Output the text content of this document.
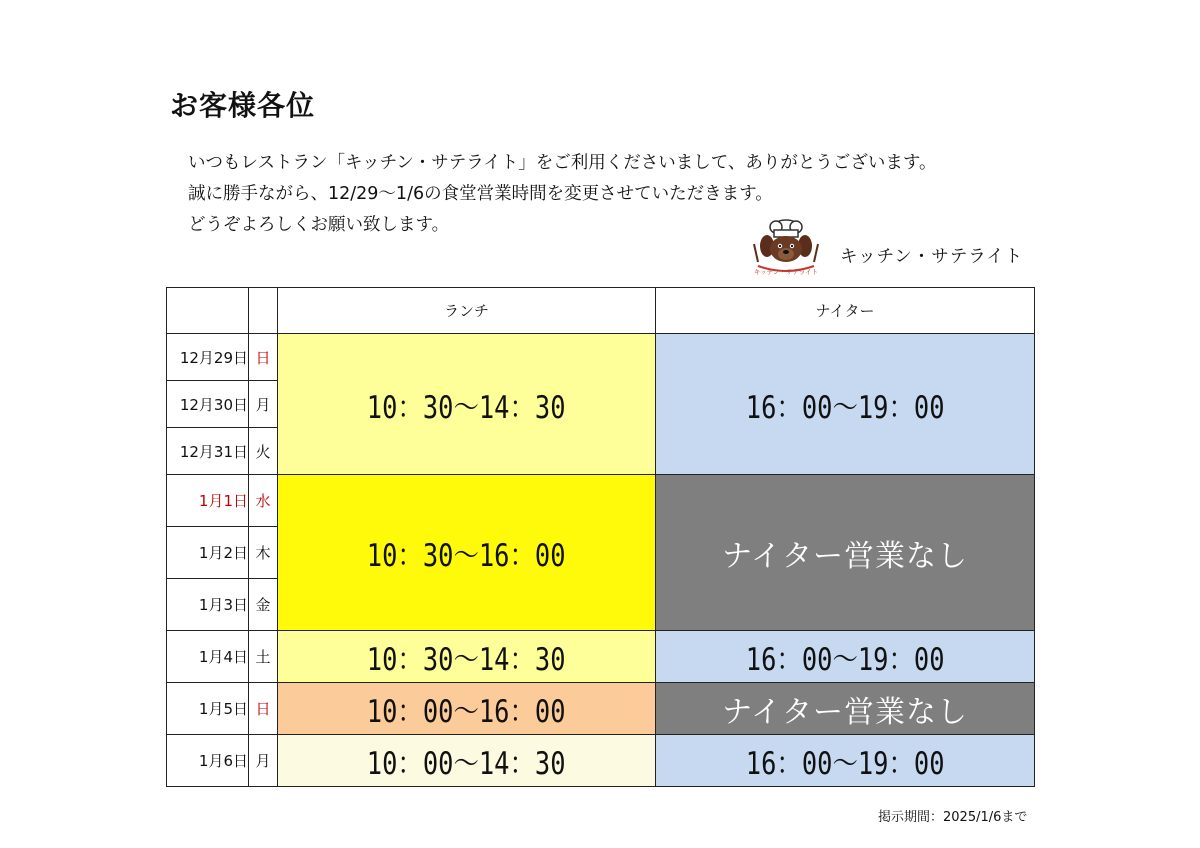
お客様各位
いつもレストラン「キッチン・サテライト」をご利用くださいまして、ありがとうございます。
誠に勝手ながら、12/29～1/6の食堂営業時間を変更させていただきます。
どうぞよろしくお願い致します。
キッチン・サテライト
キッチン・サテライト
		ランチ	ナイター
12月29日	日	10：30～14：30	16：00～19：00
12月30日	月		
12月31日	火		
1月1日	水	10：30～16：00	ナイター営業なし
1月2日	木		
1月3日	金		
1月4日	土	10：30～14：30	16：00～19：00
1月5日	日	10：00～16：00	ナイター営業なし
1月6日	月	10：00～14：30	16：00～19：00
掲示期間：2025/1/6まで
